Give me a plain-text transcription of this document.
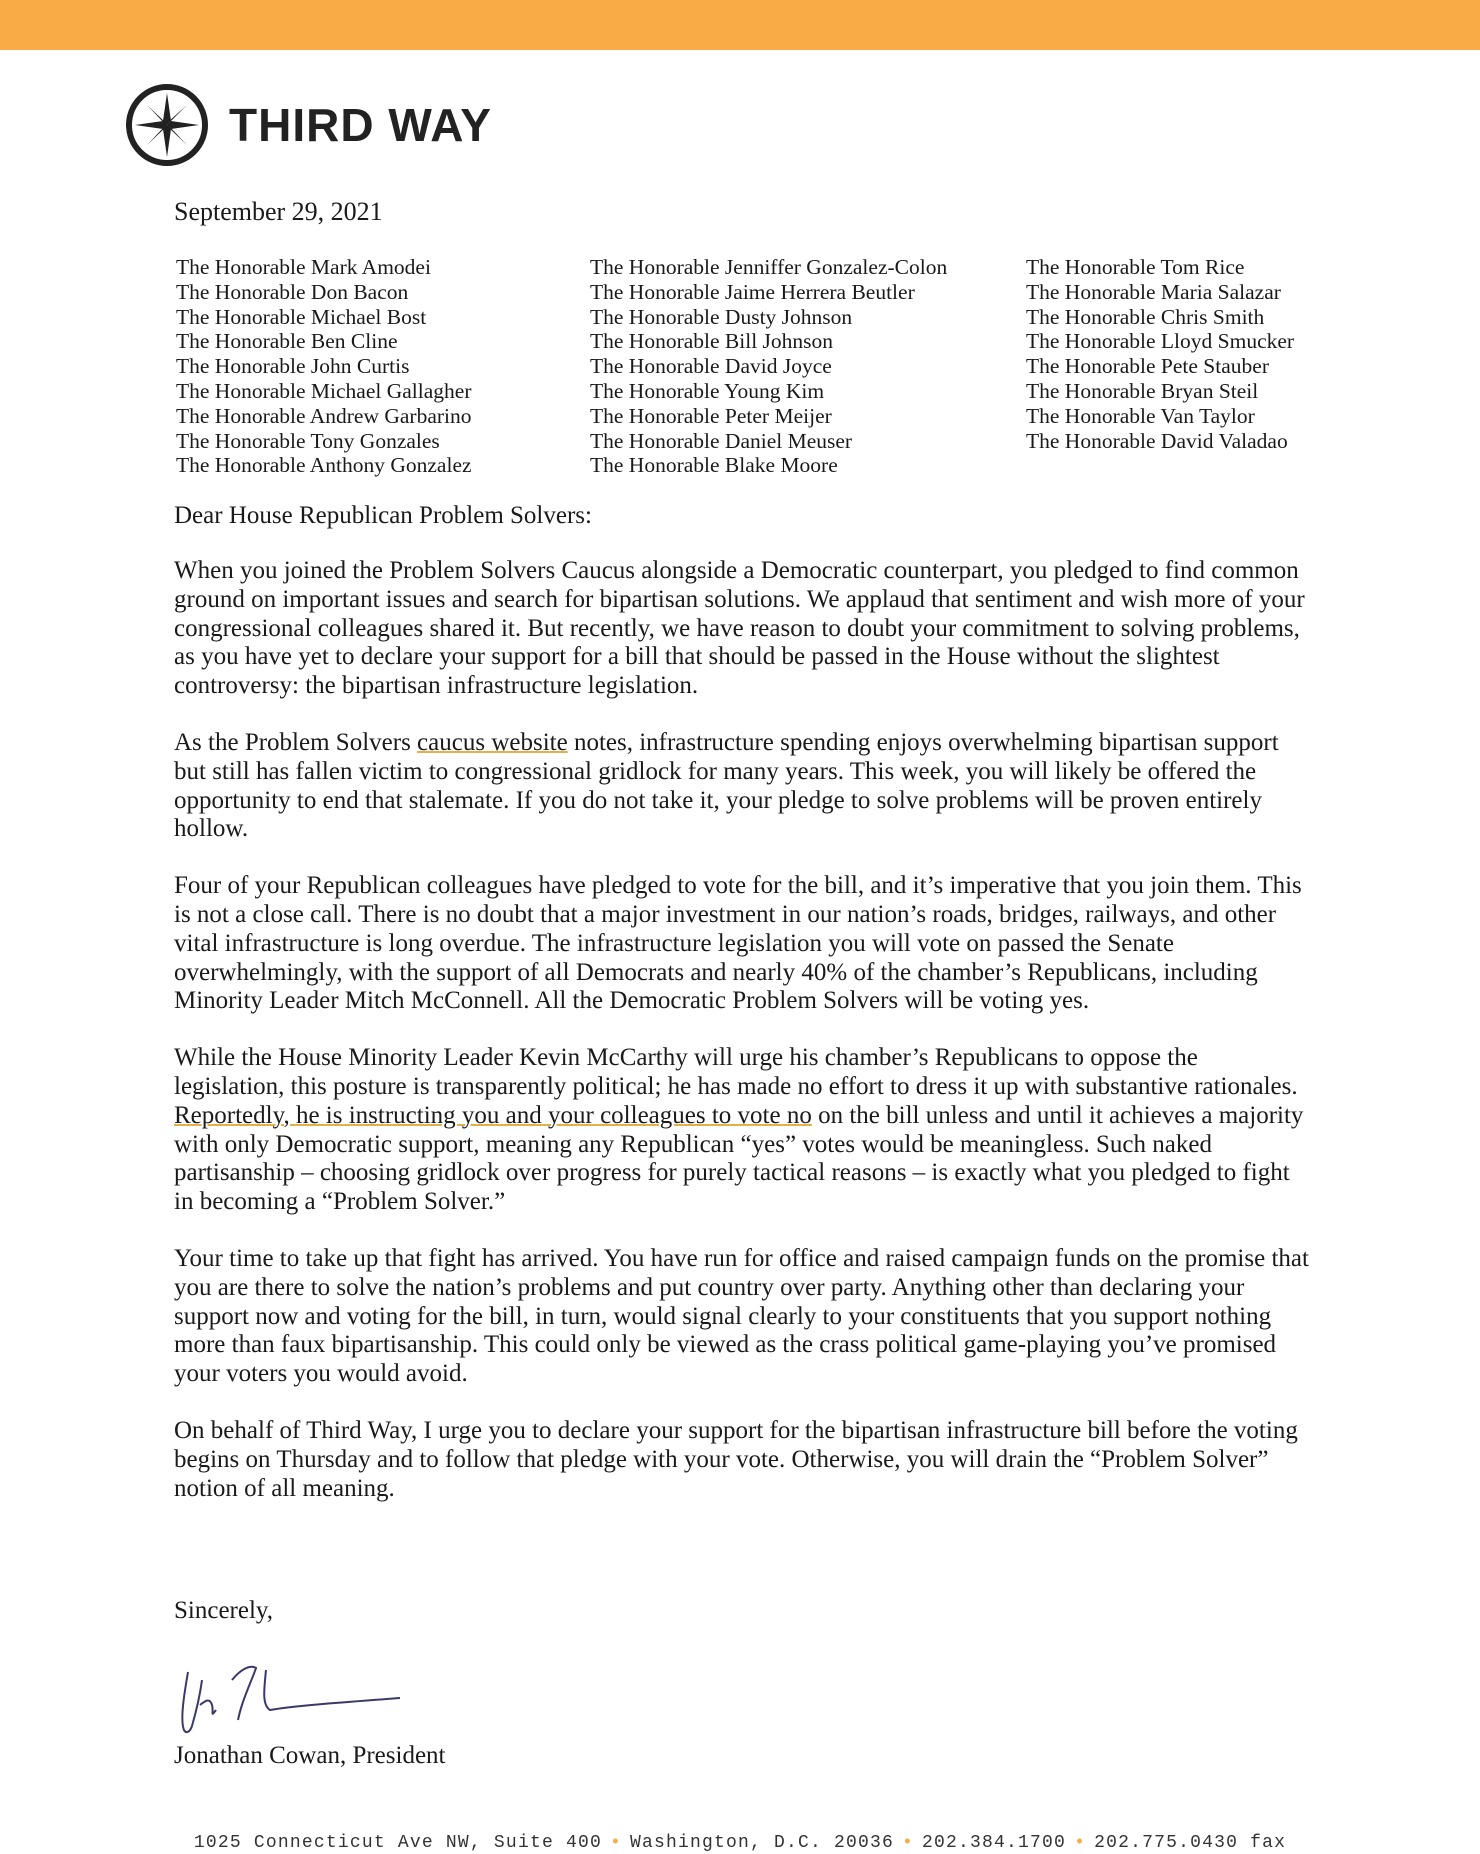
THIRD WAY
September 29, 2021
The Honorable Mark Amodei
The Honorable Don Bacon
The Honorable Michael Bost
The Honorable Ben Cline
The Honorable John Curtis
The Honorable Michael Gallagher
The Honorable Andrew Garbarino
The Honorable Tony Gonzales
The Honorable Anthony Gonzalez
The Honorable Jenniffer Gonzalez-Colon
The Honorable Jaime Herrera Beutler
The Honorable Dusty Johnson
The Honorable Bill Johnson
The Honorable David Joyce
The Honorable Young Kim
The Honorable Peter Meijer
The Honorable Daniel Meuser
The Honorable Blake Moore
The Honorable Tom Rice
The Honorable Maria Salazar
The Honorable Chris Smith
The Honorable Lloyd Smucker
The Honorable Pete Stauber
The Honorable Bryan Steil
The Honorable Van Taylor
The Honorable David Valadao
Dear House Republican Problem Solvers:

When you joined the Problem Solvers Caucus alongside a Democratic counterpart, you pledged to find common ground on important issues and search for bipartisan solutions. We applaud that sentiment and wish more of your congressional colleagues shared it. But recently, we have reason to doubt your commitment to solving problems, as you have yet to declare your support for a bill that should be passed in the House without the slightest controversy: the bipartisan infrastructure legislation.

As the Problem Solvers caucus website notes, infrastructure spending enjoys overwhelming bipartisan support but still has fallen victim to congressional gridlock for many years. This week, you will likely be offered the opportunity to end that stalemate. If you do not take it, your pledge to solve problems will be proven entirely hollow.

Four of your Republican colleagues have pledged to vote for the bill, and it’s imperative that you join them. This is not a close call. There is no doubt that a major investment in our nation’s roads, bridges, railways, and other vital infrastructure is long overdue. The infrastructure legislation you will vote on passed the Senate overwhelmingly, with the support of all Democrats and nearly 40% of the chamber’s Republicans, including Minority Leader Mitch McConnell. All the Democratic Problem Solvers will be voting yes.

While the House Minority Leader Kevin McCarthy will urge his chamber’s Republicans to oppose the legislation, this posture is transparently political; he has made no effort to dress it up with substantive rationales. Reportedly, he is instructing you and your colleagues to vote no on the bill unless and until it achieves a majority with only Democratic support, meaning any Republican “yes” votes would be meaningless. Such naked partisanship – choosing gridlock over progress for purely tactical reasons – is exactly what you pledged to fight in becoming a “Problem Solver.”

Your time to take up that fight has arrived. You have run for office and raised campaign funds on the promise that you are there to solve the nation’s problems and put country over party. Anything other than declaring your support now and voting for the bill, in turn, would signal clearly to your constituents that you support nothing more than faux bipartisanship. This could only be viewed as the crass political game-playing you’ve promised your voters you would avoid.

On behalf of Third Way, I urge you to declare your support for the bipartisan infrastructure bill before the voting begins on Thursday and to follow that pledge with your vote. Otherwise, you will drain the “Problem Solver” notion of all meaning.

Sincerely,
Jonathan Cowan, President
1025 Connecticut Ave NW, Suite 400 • Washington, D.C. 20036 • 202.384.1700 • 202.775.0430 fax
